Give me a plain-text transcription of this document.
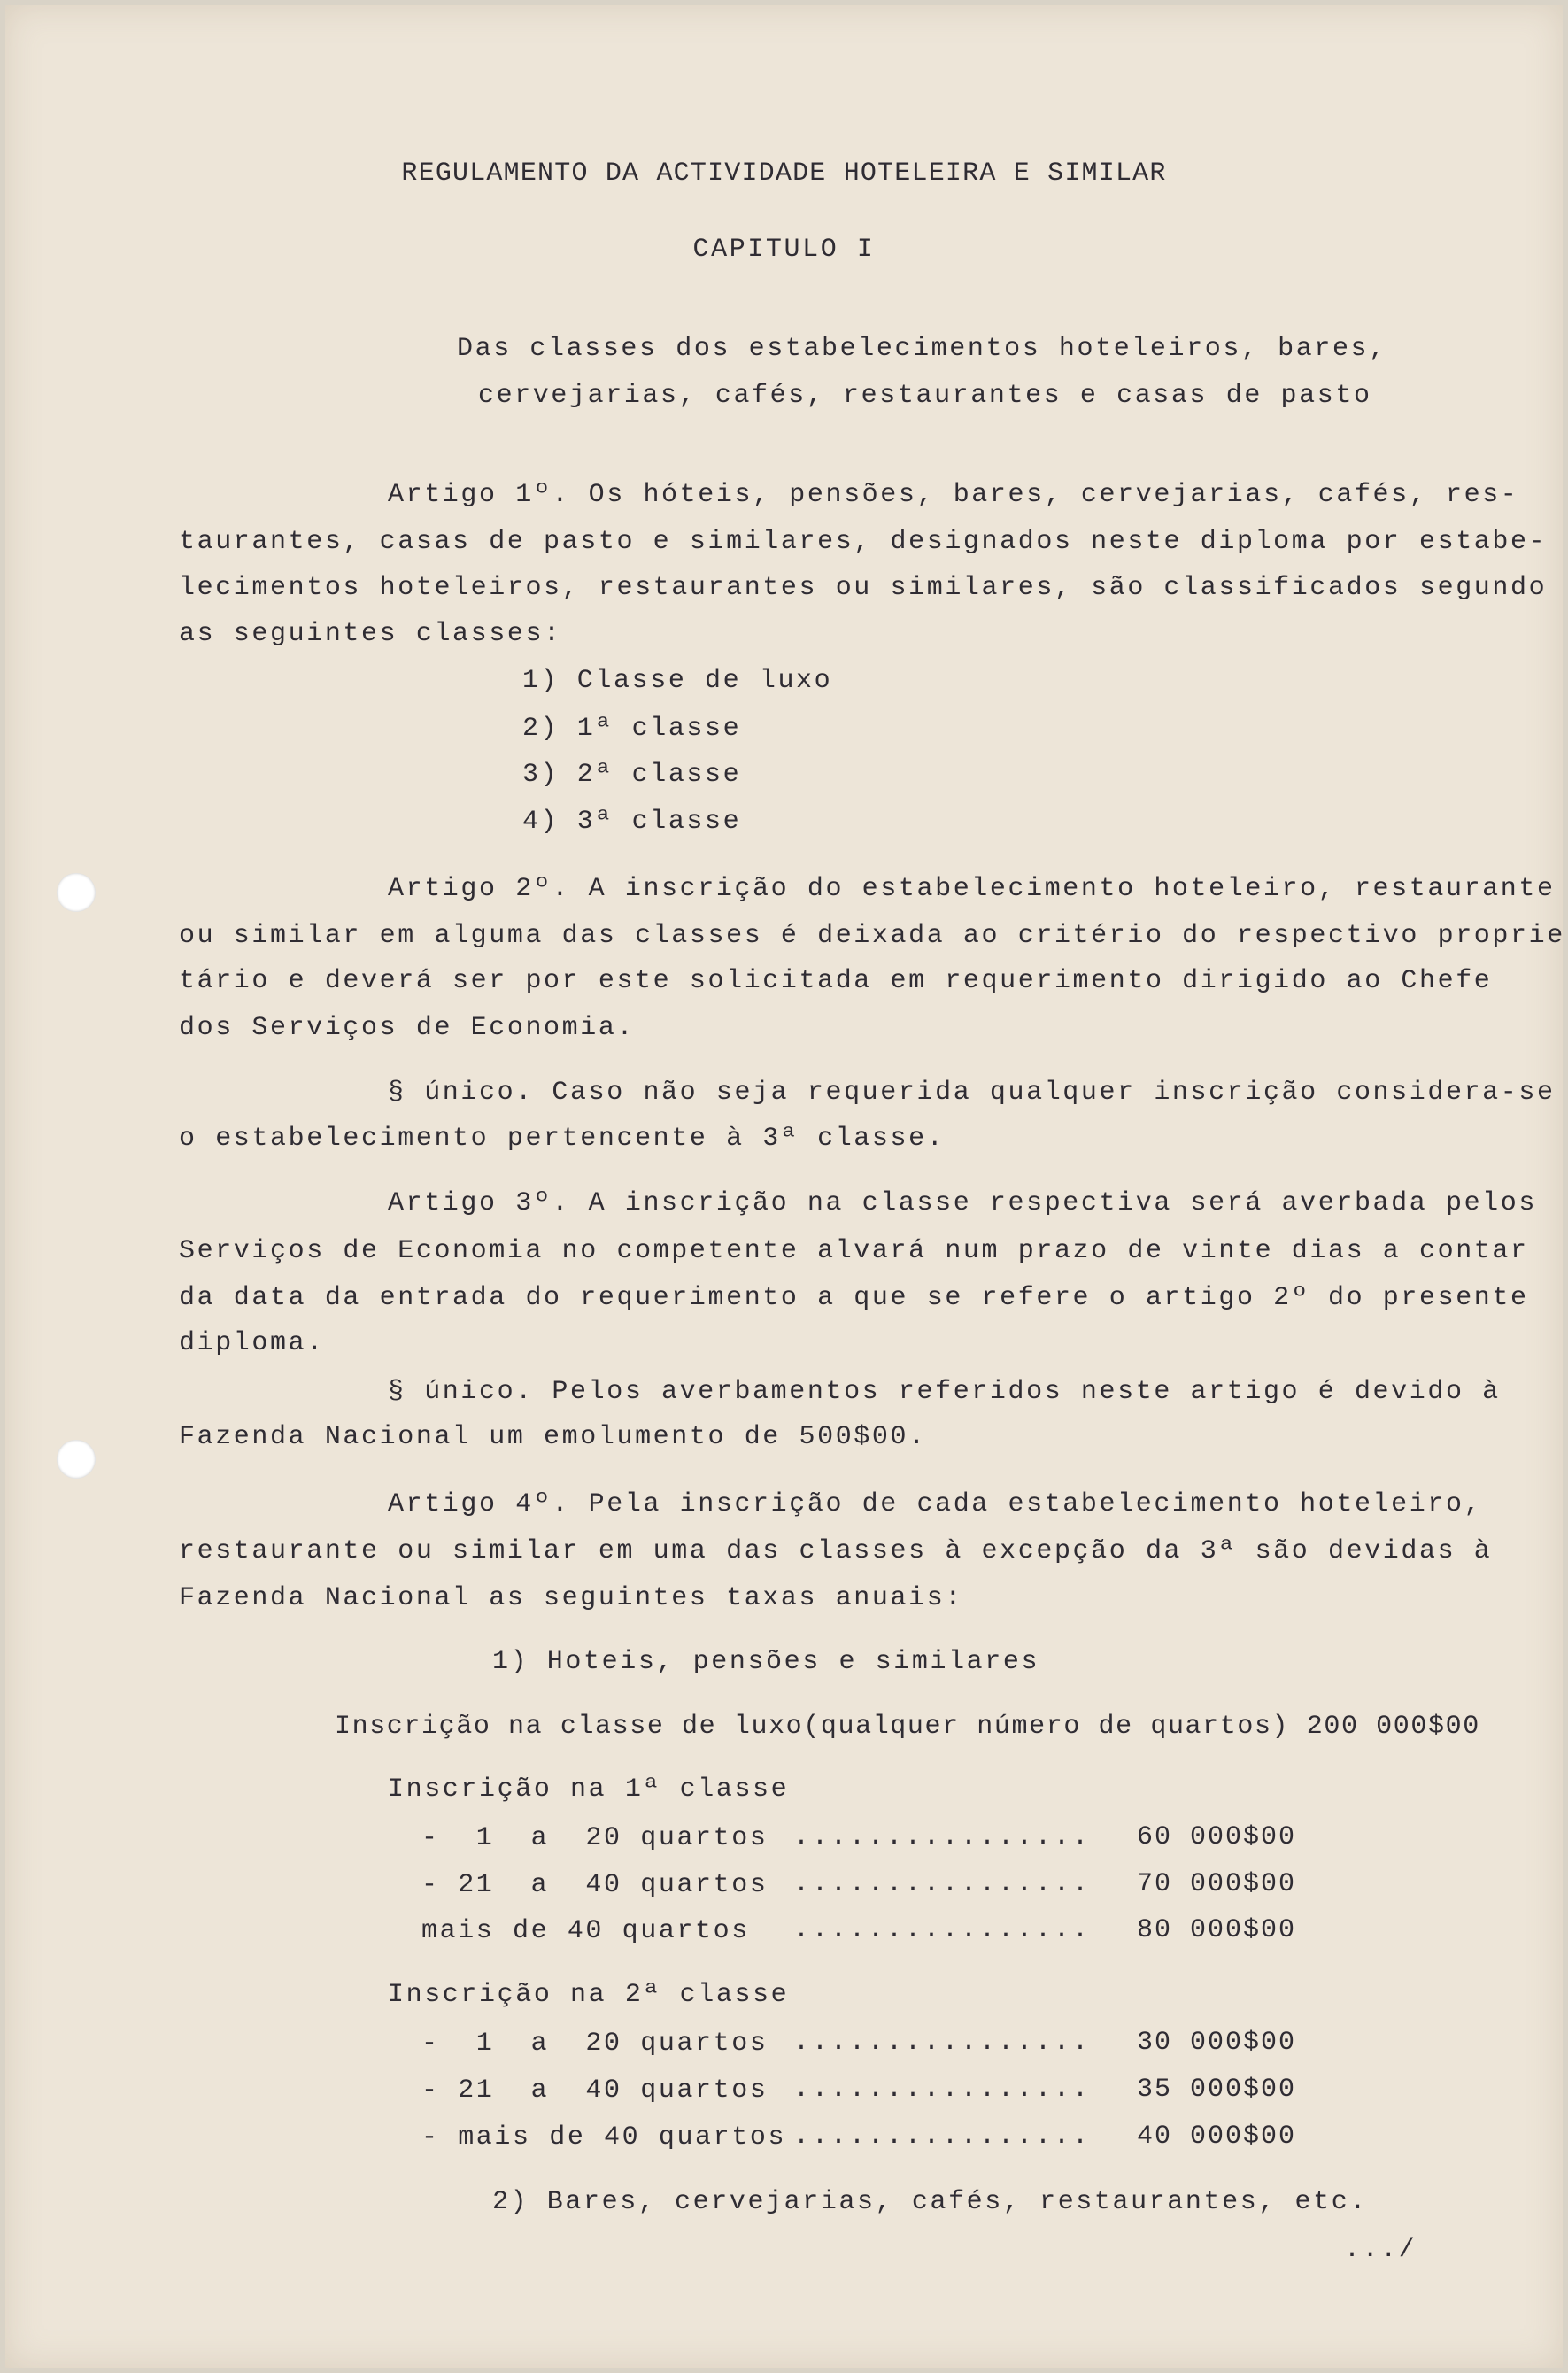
REGULAMENTO DA ACTIVIDADE HOTELEIRA E SIMILAR
CAPITULO I
Das classes dos estabelecimentos hoteleiros, bares,
cervejarias, cafés, restaurantes e casas de pasto
Artigo 1º. Os hóteis, pensões, bares, cervejarias, cafés, res-
taurantes, casas de pasto e similares, designados neste diploma por estabe-
lecimentos hoteleiros, restaurantes ou similares, são classificados segundo
as seguintes classes:
1) Classe de luxo
2) 1ª classe
3) 2ª classe
4) 3ª classe
Artigo 2º. A inscrição do estabelecimento hoteleiro, restaurante
ou similar em alguma das classes é deixada ao critério do respectivo proprie
tário e deverá ser por este solicitada em requerimento dirigido ao Chefe
dos Serviços de Economia.
§ único. Caso não seja requerida qualquer inscrição considera-se
o estabelecimento pertencente à 3ª classe.
Artigo 3º. A inscrição na classe respectiva será averbada pelos
Serviços de Economia no competente alvará num prazo de vinte dias a contar
da data da entrada do requerimento a que se refere o artigo 2º do presente
diploma.
§ único. Pelos averbamentos referidos neste artigo é devido à
Fazenda Nacional um emolumento de 500$00.
Artigo 4º. Pela inscrição de cada estabelecimento hoteleiro,
restaurante ou similar em uma das classes à excepção da 3ª são devidas à
Fazenda Nacional as seguintes taxas anuais:
1) Hoteis, pensões e similares
Inscrição na classe de luxo(qualquer número de quartos) 200 000$00
Inscrição na 1ª classe
-  1  a  20 quartos ................ 60 000$00
- 21  a  40 quartos ................ 70 000$00
mais de 40 quartos ................ 80 000$00
Inscrição na 2ª classe
-  1  a  20 quartos ................ 30 000$00
- 21  a  40 quartos ................ 35 000$00
- mais de 40 quartos ................ 40 000$00
2) Bares, cervejarias, cafés, restaurantes, etc.
.../
